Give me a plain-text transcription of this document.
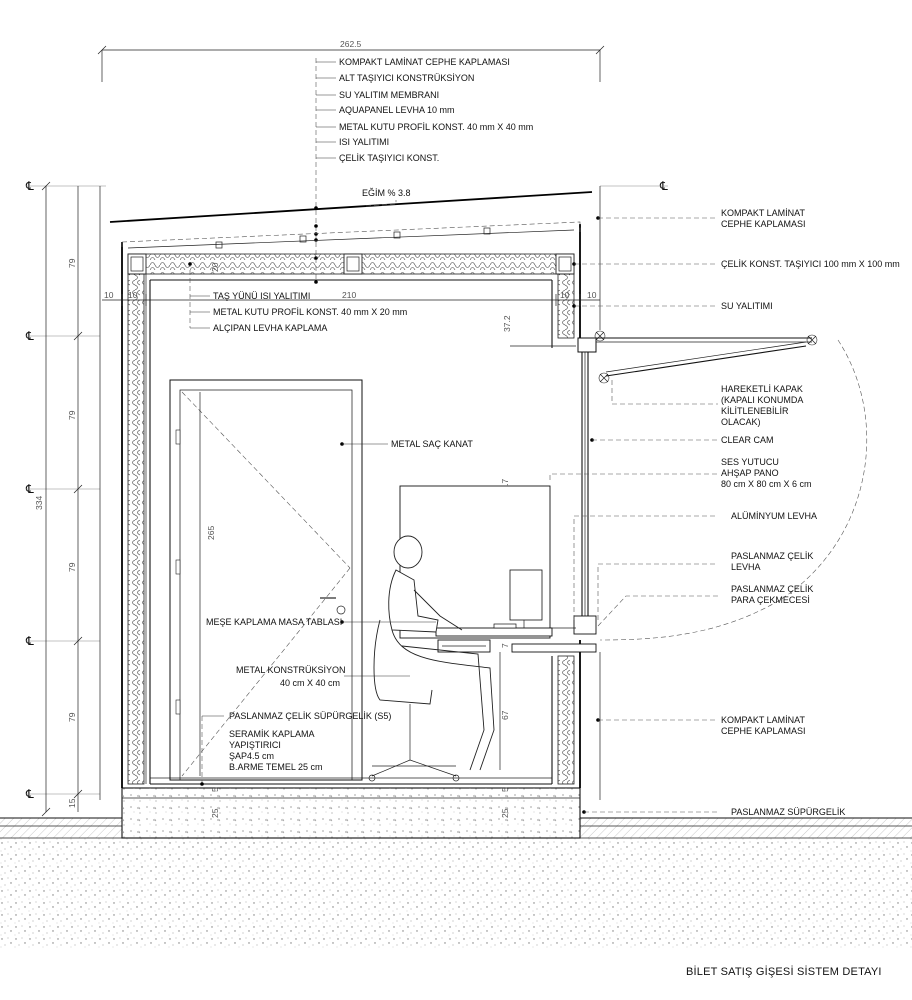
262.5
KOMPAKT LAMİNAT CEPHE KAPLAMASI
ALT TAŞIYICI KONSTRÜKSİYON
SU YALITIM MEMBRANI
AQUAPANEL LEVHA 10 mm
METAL KUTU PROFİL KONST. 40 mm X 40 mm
ISI YALITIMI
ÇELİK TAŞIYICI KONST.
℄
℄
℄
℄
℄
℄
334
79
79
79
79
15
10 10	210	10 10
20
EĞİM % 3.8
265
37.2
67
7
5
25
5
25
TAŞ YÜNÜ ISI YALITIMI
METAL KUTU PROFİL KONST. 40 mm X 20 mm
ALÇIPAN LEVHA KAPLAMA
METAL SAÇ KANAT
MEŞE KAPLAMA MASA TABLASI
METAL KONSTRÜKSİYON
40 cm X 40 cm
PASLANMAZ ÇELİK SÜPÜRGELİK (S5)
SERAMİK KAPLAMA
YAPIŞTIRICI
ŞAP4.5 cm
B.ARME TEMEL 25 cm
KOMPAKT LAMİNAT
CEPHE KAPLAMASI
ÇELİK KONST. TAŞIYICI 100 mm X 100 mm
SU YALITIMI
HAREKETLİ KAPAK
(KAPALI KONUMDA
KİLİTLENEBİLİR
OLACAK)
CLEAR CAM
SES YUTUCU
AHŞAP PANO
80 cm X 80 cm X 6 cm
ALÜMİNYUM LEVHA
PASLANMAZ ÇELİK
LEVHA
PASLANMAZ ÇELİK
PARA ÇEKMECESİ
KOMPAKT LAMİNAT
CEPHE KAPLAMASI
PASLANMAZ SÜPÜRGELİK
BİLET SATIŞ GİŞESİ SİSTEM DETAYI
